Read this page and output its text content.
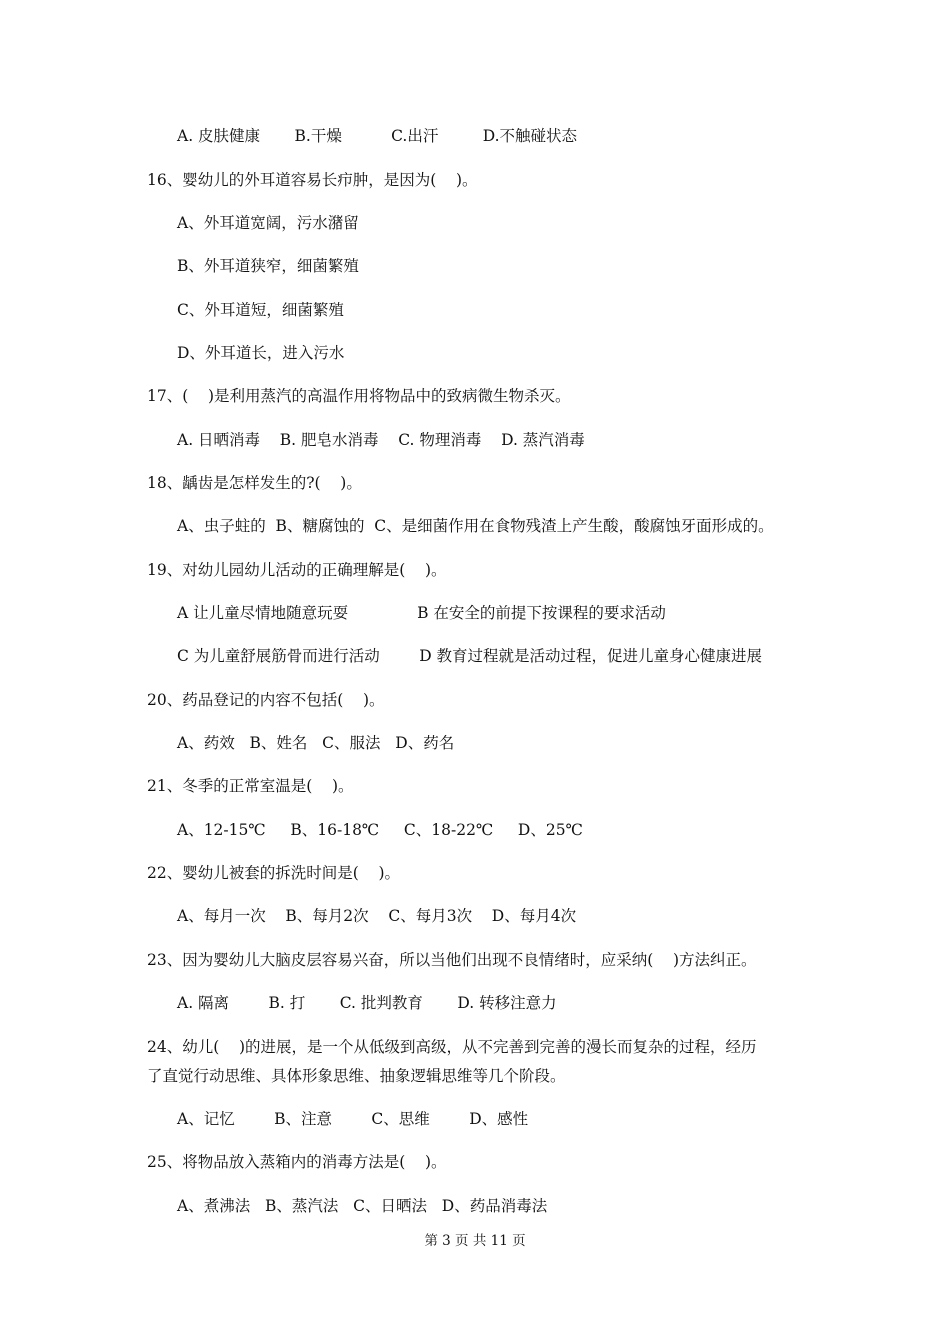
A. 皮肤健康       B.干燥          C.出汗         D.不触碰状态
16、婴幼儿的外耳道容易长疖肿，是因为(    )。
A、外耳道宽阔，污水潴留
B、外耳道狭窄，细菌繁殖
C、外耳道短，细菌繁殖
D、外耳道长，进入污水
17、(    )是利用蒸汽的高温作用将物品中的致病微生物杀灭。
A. 日晒消毒    B. 肥皂水消毒    C. 物理消毒    D. 蒸汽消毒
18、龋齿是怎样发生的?(    )。
A、虫子蛀的  B、糖腐蚀的  C、是细菌作用在食物残渣上产生酸，酸腐蚀牙面形成的。
19、对幼儿园幼儿活动的正确理解是(    )。
A 让儿童尽情地随意玩耍              B 在安全的前提下按课程的要求活动
C 为儿童舒展筋骨而进行活动        D 教育过程就是活动过程，促进儿童身心健康进展
20、药品登记的内容不包括(    )。
A、药效   B、姓名   C、服法   D、药名
21、冬季的正常室温是(    )。
A、12-15℃     B、16-18℃     C、18-22℃     D、25℃
22、婴幼儿被套的拆洗时间是(    )。
A、每月一次    B、每月2次    C、每月3次    D、每月4次
23、因为婴幼儿大脑皮层容易兴奋，所以当他们出现不良情绪时，应采纳(    )方法纠正。
A. 隔离        B. 打       C. 批判教育       D. 转移注意力
24、幼儿(    )的进展，是一个从低级到高级，从不完善到完善的漫长而复杂的过程，经历
了直觉行动思维、具体形象思维、抽象逻辑思维等几个阶段。
A、记忆        B、注意        C、思维        D、感性
25、将物品放入蒸箱内的消毒方法是(    )。
A、煮沸法   B、蒸汽法   C、日晒法   D、药品消毒法
第 3 页 共 11 页
